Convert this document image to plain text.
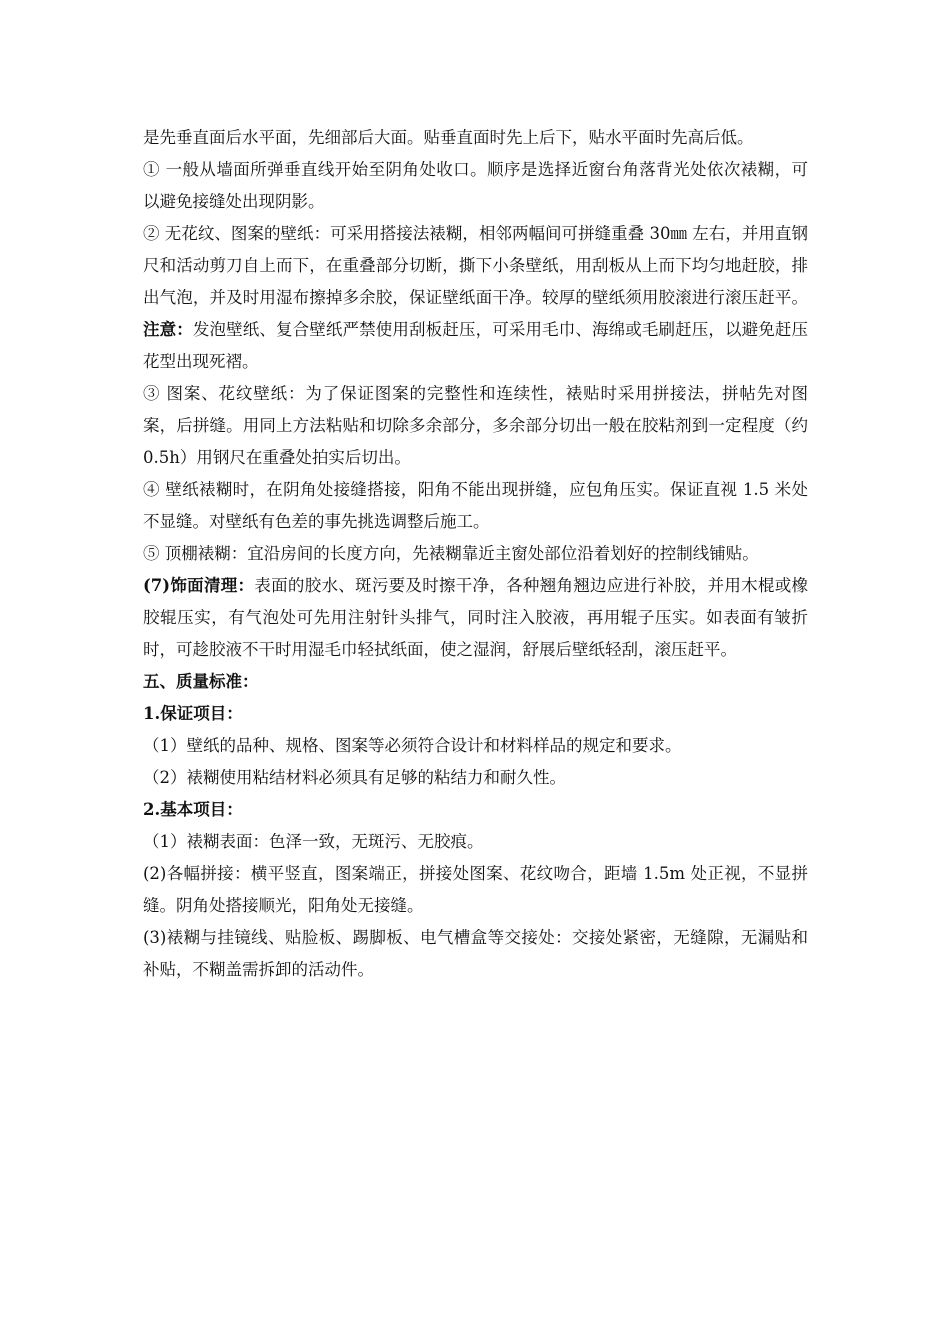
是先垂直面后水平面，先细部后大面。贴垂直面时先上后下，贴水平面时先高后低。

① 一般从墙面所弹垂直线开始至阴角处收口。顺序是选择近窗台角落背光处依次裱糊，可以避免接缝处出现阴影。

② 无花纹、图案的壁纸：可采用搭接法裱糊，相邻两幅间可拼缝重叠 30㎜ 左右，并用直钢尺和活动剪刀自上而下，在重叠部分切断，撕下小条壁纸，用刮板从上而下均匀地赶胶，排出气泡，并及时用湿布擦掉多余胶，保证壁纸面干净。较厚的壁纸须用胶滚进行滚压赶平。注意：发泡壁纸、复合壁纸严禁使用刮板赶压，可采用毛巾、海绵或毛刷赶压，以避免赶压花型出现死褶。

③ 图案、花纹壁纸：为了保证图案的完整性和连续性，裱贴时采用拼接法，拼帖先对图案，后拼缝。用同上方法粘贴和切除多余部分，多余部分切出一般在胶粘剂到一定程度（约 0.5h）用钢尺在重叠处拍实后切出。

④ 壁纸裱糊时，在阴角处接缝搭接，阳角不能出现拼缝，应包角压实。保证直视 1.5 米处不显缝。对壁纸有色差的事先挑选调整后施工。

⑤ 顶棚裱糊：宜沿房间的长度方向，先裱糊靠近主窗处部位沿着划好的控制线铺贴。

(7)饰面清理：表面的胶水、斑污要及时擦干净，各种翘角翘边应进行补胶，并用木棍或橡胶辊压实，有气泡处可先用注射针头排气，同时注入胶液，再用辊子压实。如表面有皱折时，可趁胶液不干时用湿毛巾轻拭纸面，使之湿润，舒展后壁纸轻刮，滚压赶平。

五、质量标准：

1.保证项目：

（1）壁纸的品种、规格、图案等必须符合设计和材料样品的规定和要求。

（2）裱糊使用粘结材料必须具有足够的粘结力和耐久性。

2.基本项目：

（1）裱糊表面：色泽一致，无斑污、无胶痕。

(2)各幅拼接：横平竖直，图案端正，拼接处图案、花纹吻合，距墙 1.5m 处正视，不显拼缝。阴角处搭接顺光，阳角处无接缝。

(3)裱糊与挂镜线、贴脸板、踢脚板、电气槽盒等交接处：交接处紧密，无缝隙，无漏贴和补贴，不糊盖需拆卸的活动件。
